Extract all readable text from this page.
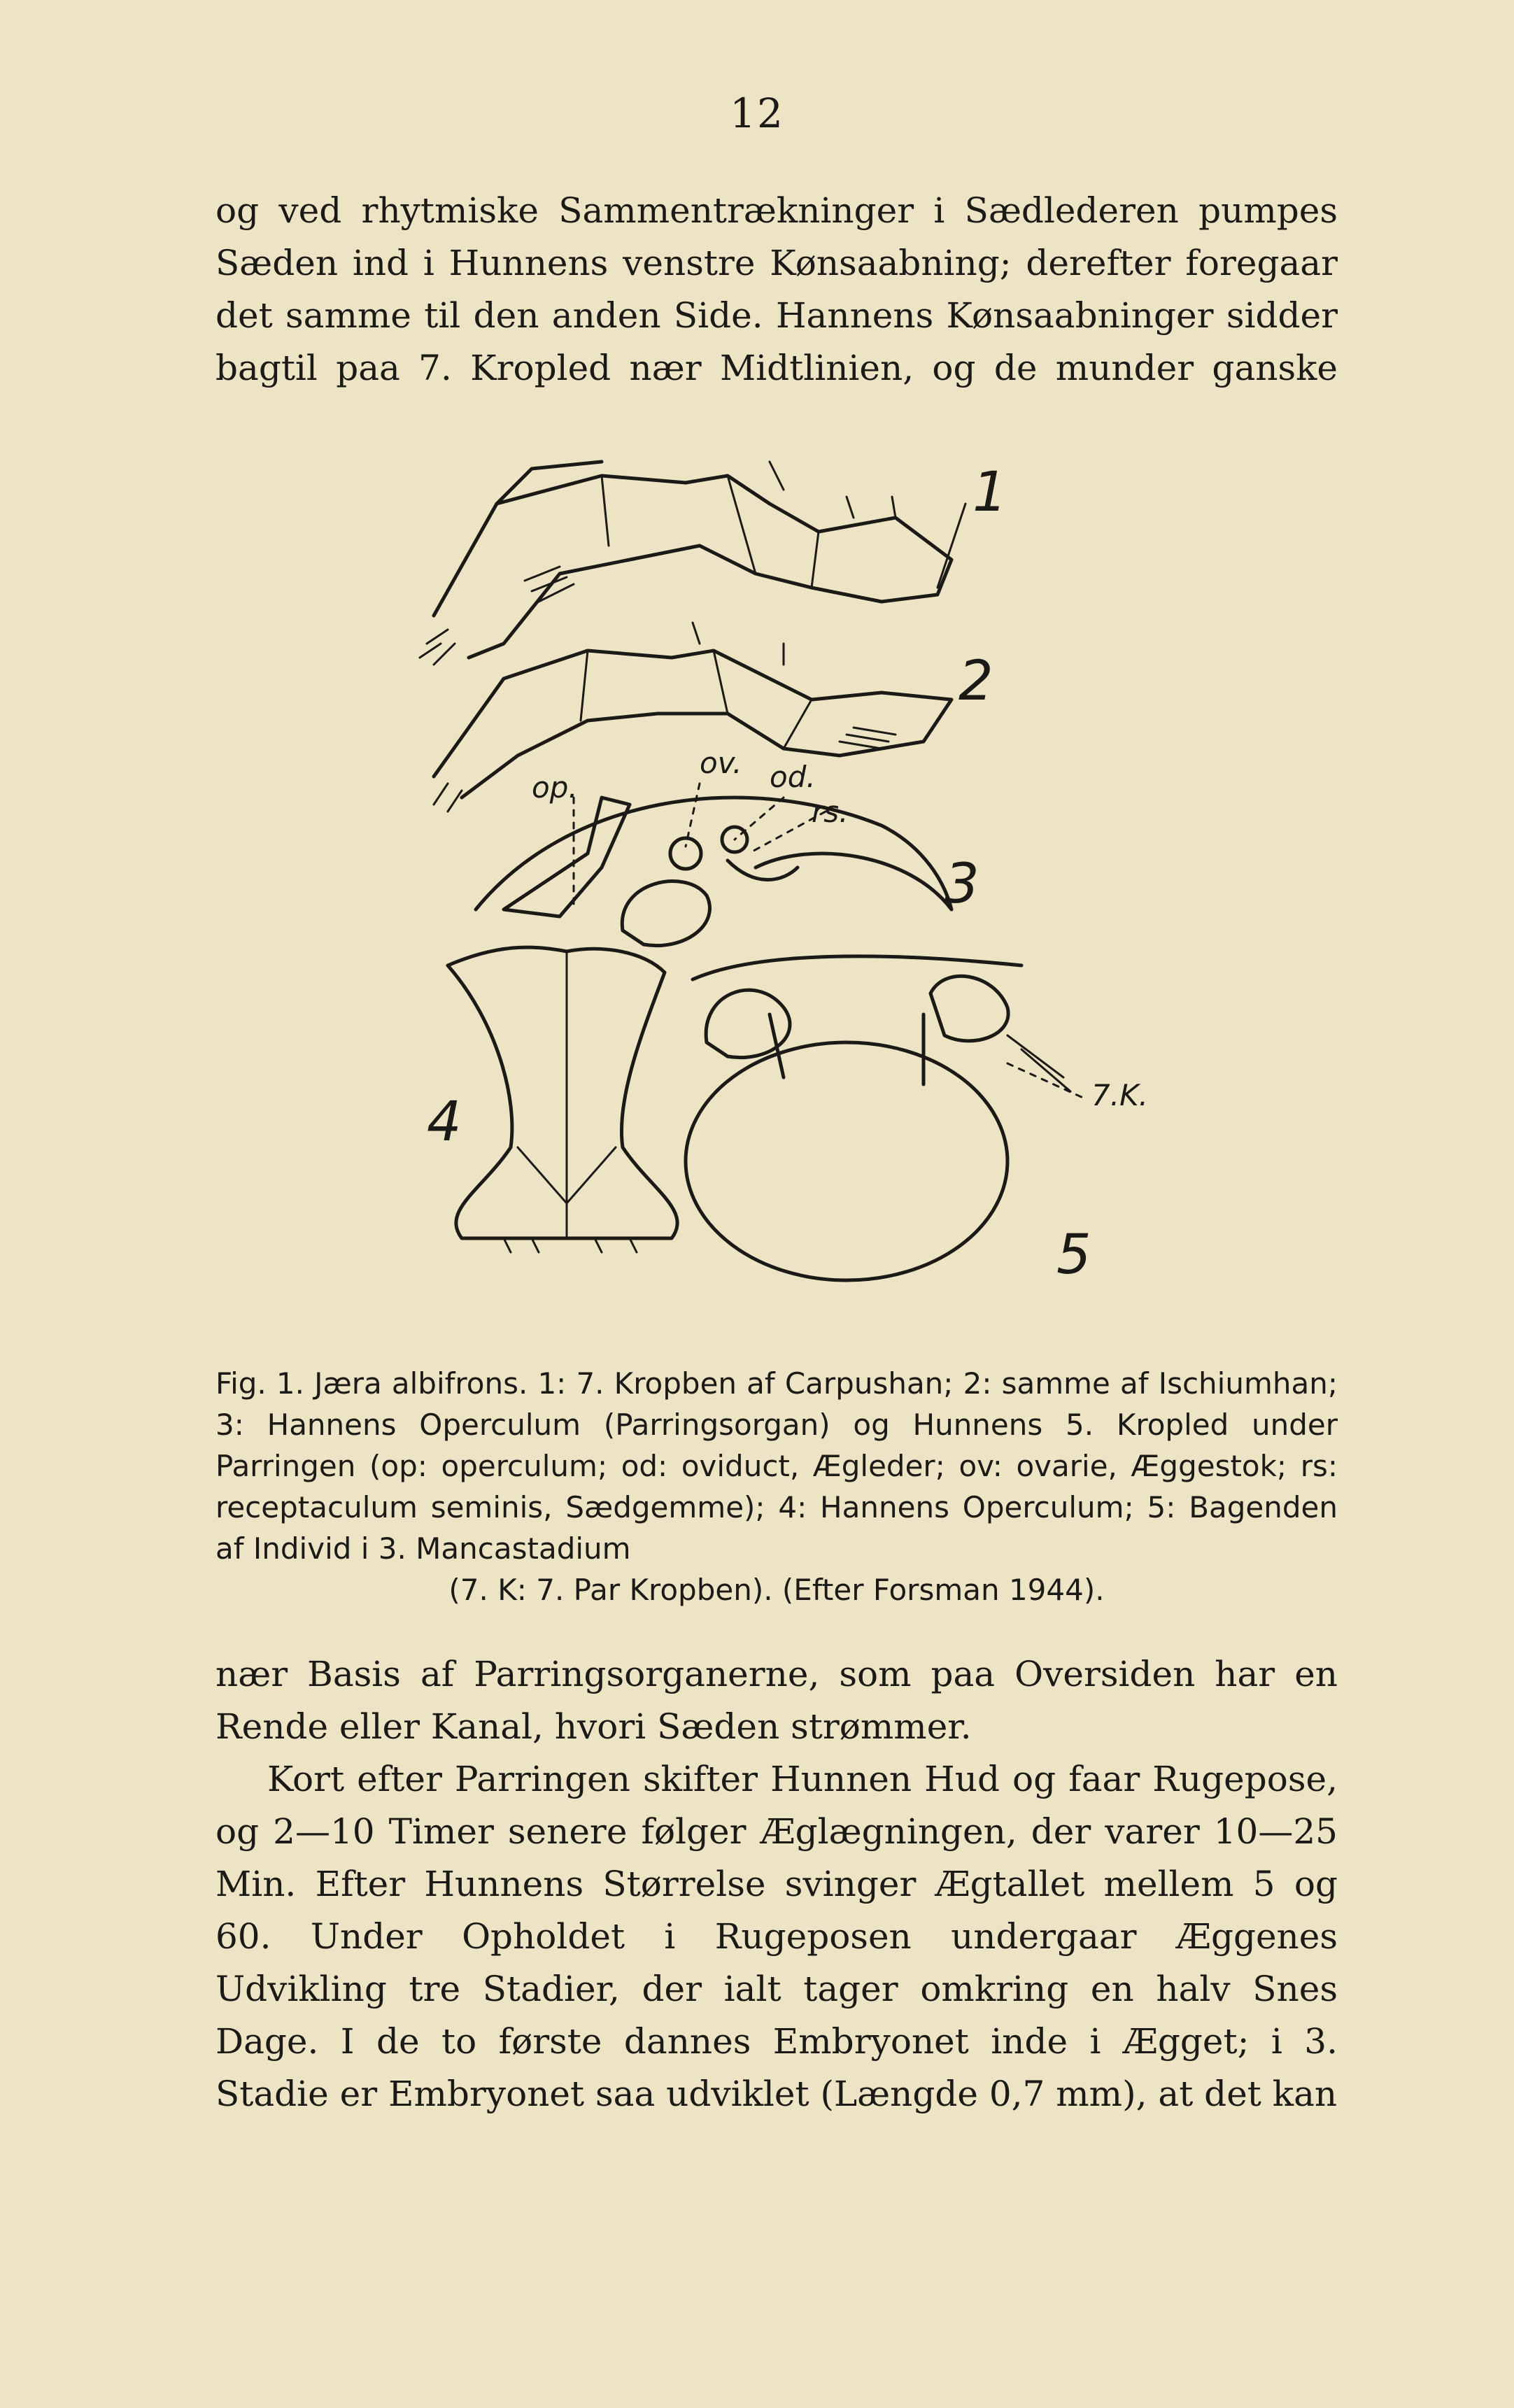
12

og ved rhytmiske Sammentrækninger i Sædlederen pumpes

Sæden ind i Hunnens venstre Kønsaabning; derefter foregaar

det samme til den anden Side. Hannens Kønsaabninger sidder

bagtil paa 7. Kropled nær Midtlinien, og de munder ganske

1
2
op.
ov. od.
rs.
3
4	7.K.
5

Fig. 1. Jæra albifrons. 1: 7. Kropben af Carpushan; 2: samme af Ischiumhan; 3: Hannens Operculum (Parringsorgan) og Hunnens 5. Kropled under Parringen (op: operculum; od: oviduct, Ægleder; ov: ovarie, Æggestok; rs: receptaculum seminis, Sædgemme); 4: Hannens Operculum; 5: Bagenden af Individ i 3. Mancastadium

(7. K: 7. Par Kropben). (Efter Forsman 1944).

nær Basis af Parringsorganerne, som paa Oversiden har en Rende eller Kanal, hvori Sæden strømmer.

Kort efter Parringen skifter Hunnen Hud og faar Rugepose, og 2—10 Timer senere følger Æglægningen, der varer 10—25 Min. Efter Hunnens Størrelse svinger Ægtallet mellem 5 og 60. Under Opholdet i Rugeposen undergaar Æggenes Udvikling tre Stadier, der ialt tager omkring en halv Snes Dage. I de to første dannes Embryonet inde i Ægget; i 3. Stadie er Embryonet saa udviklet (Længde 0,7 mm), at det kan
